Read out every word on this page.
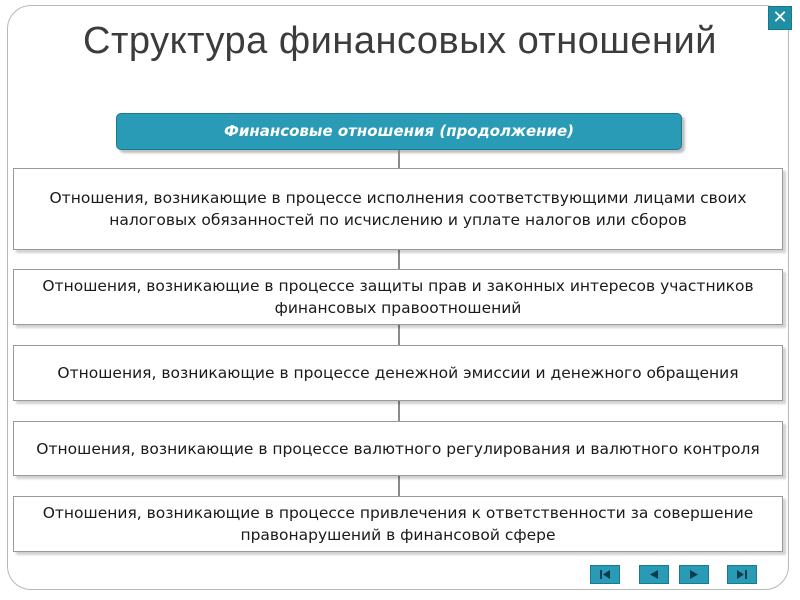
✕
Структура финансовых отношений
Финансовые отношения (продолжение)
Отношения, возникающие в процессе исполнения соответствующими лицами своих налоговых обязанностей по исчислению и уплате налогов или сборов
Отношения, возникающие в процессе защиты прав и законных интересов участников финансовых правоотношений
Отношения, возникающие в процессе денежной эмиссии и денежного обращения
Отношения, возникающие в процессе валютного регулирования и валютного контроля
Отношения, возникающие в процессе привлечения к ответственности за совершение правонарушений в финансовой сфере
